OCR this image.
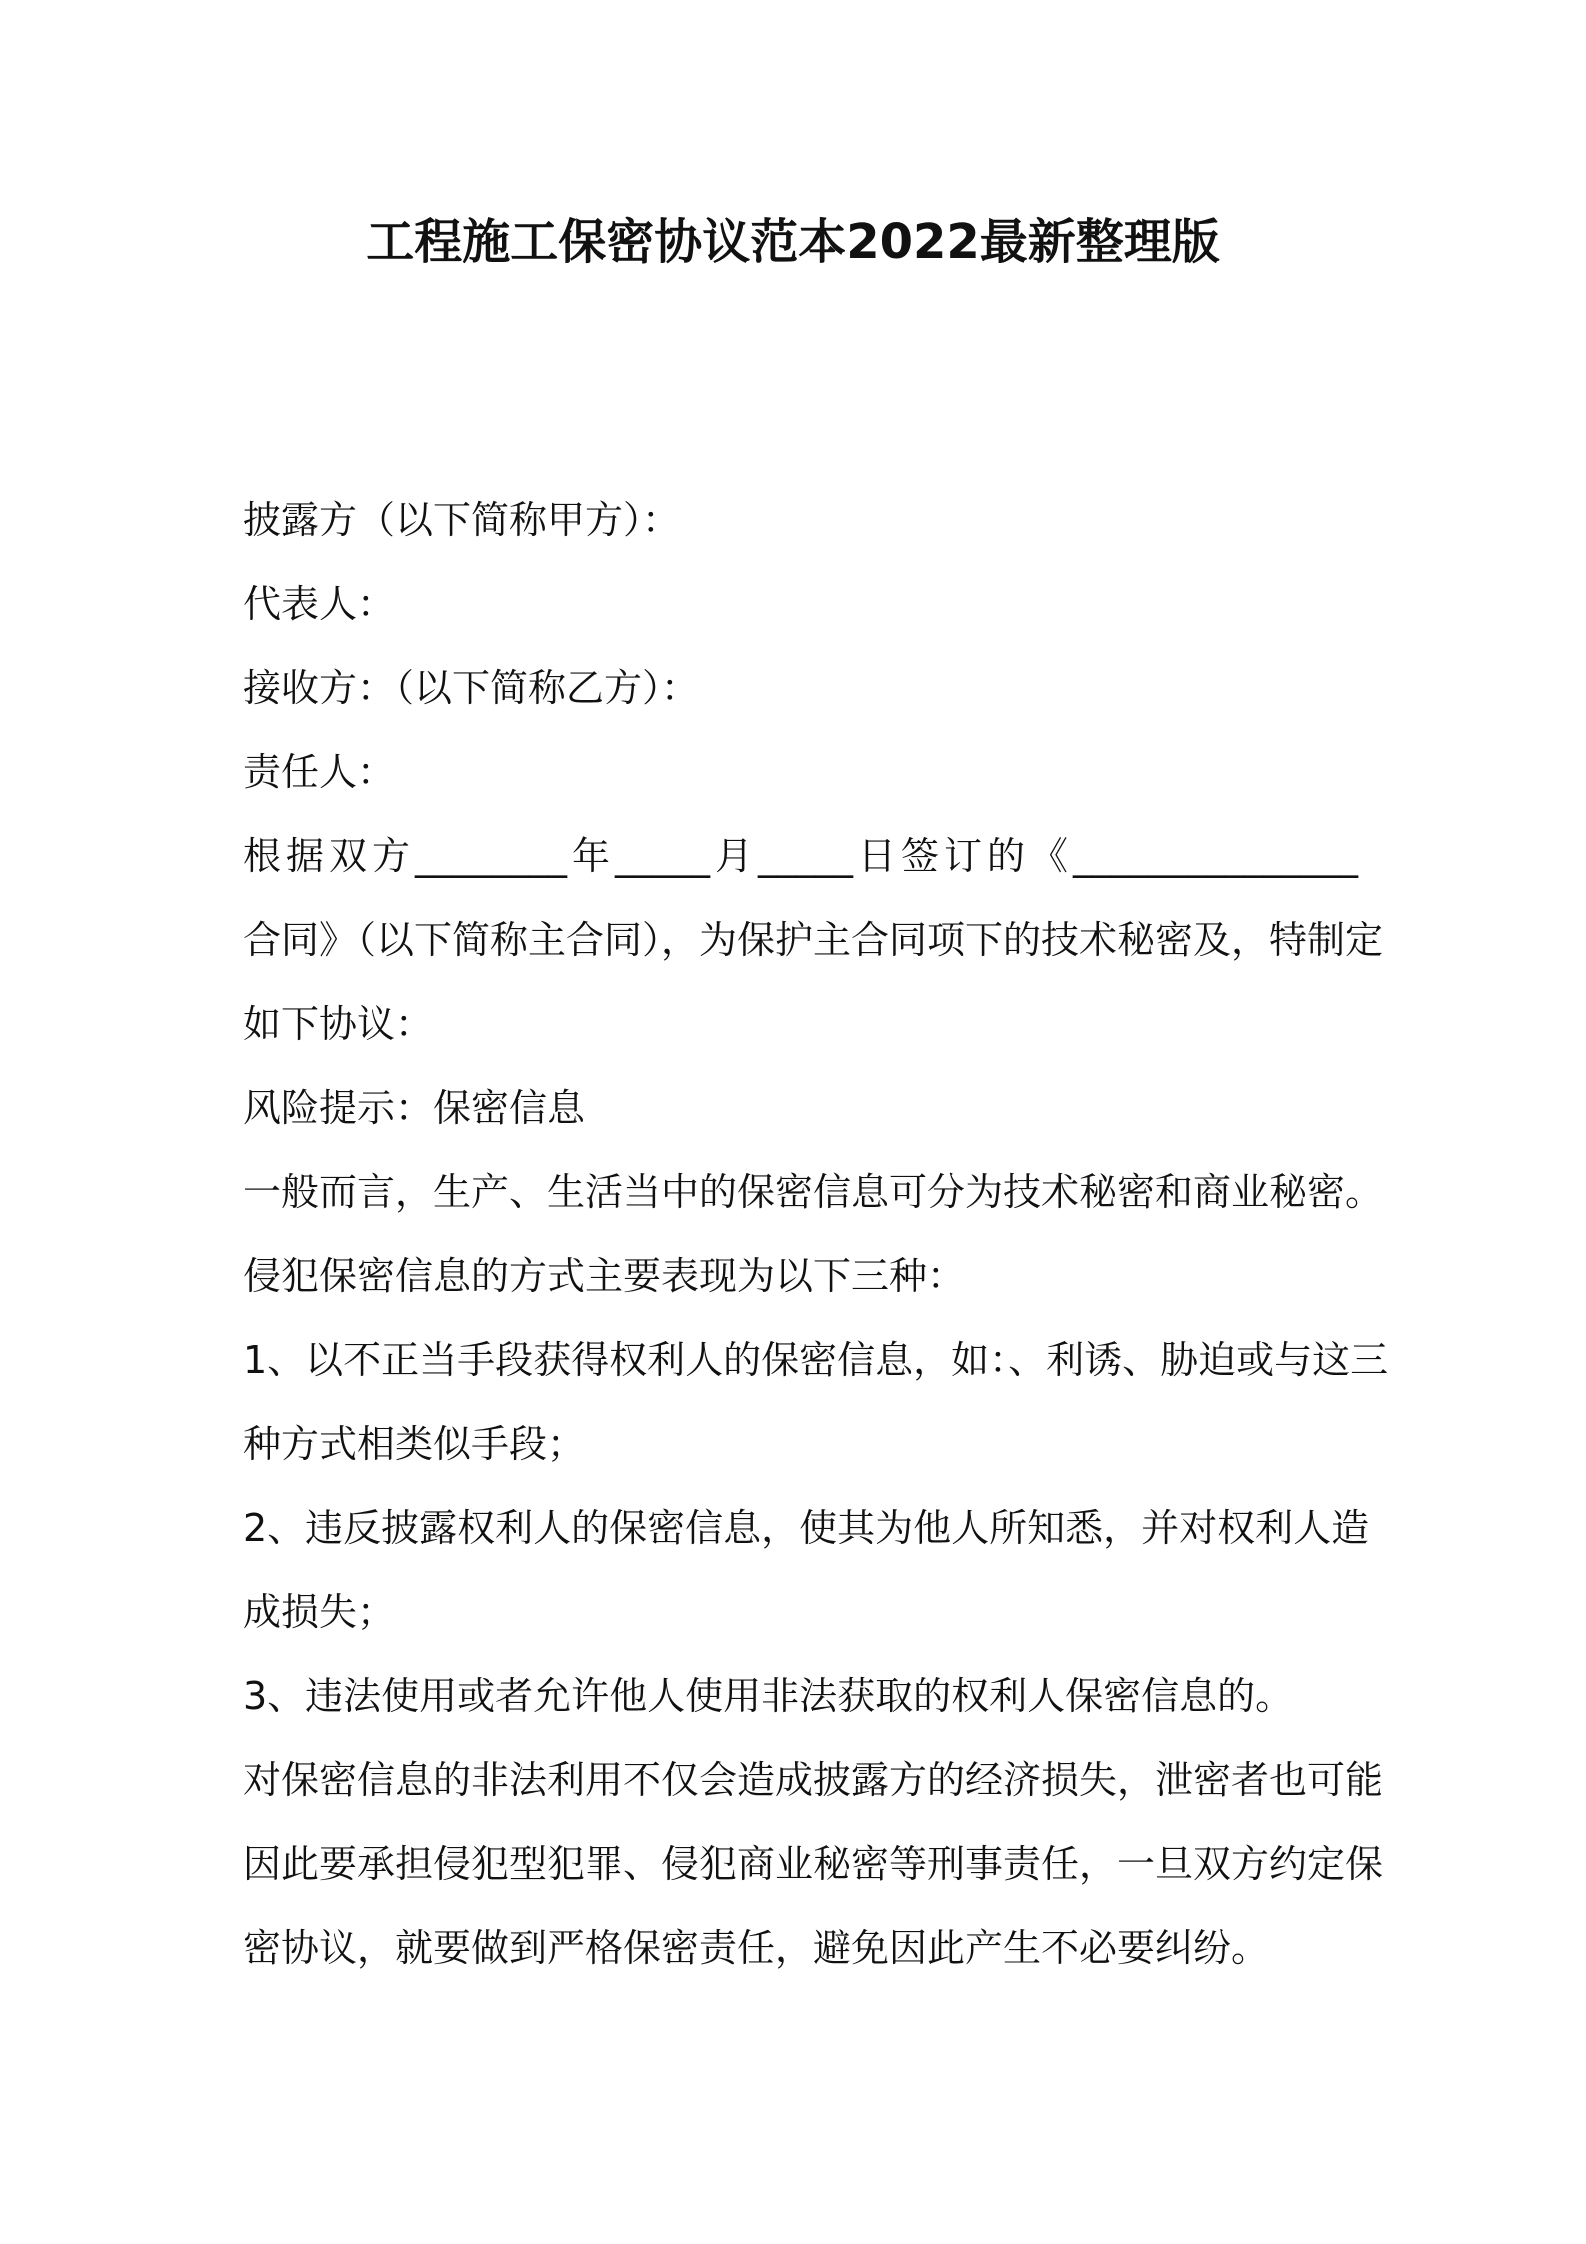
工程施工保密协议范本2022最新整理版

披露方（以下简称甲方）：

代表人：

接收方：（以下简称乙方）：

责任人：

根据双方________年_____月_____日签订的《_______________

合同》（以下简称主合同），为保护主合同项下的技术秘密及，特制定

如下协议：

风险提示：保密信息

一般而言，生产、生活当中的保密信息可分为技术秘密和商业秘密。

侵犯保密信息的方式主要表现为以下三种：

1、以不正当手段获得权利人的保密信息，如：、利诱、胁迫或与这三

种方式相类似手段；

2、违反披露权利人的保密信息，使其为他人所知悉，并对权利人造

成损失；

3、违法使用或者允许他人使用非法获取的权利人保密信息的。

对保密信息的非法利用不仅会造成披露方的经济损失，泄密者也可能

因此要承担侵犯型犯罪、侵犯商业秘密等刑事责任，一旦双方约定保

密协议，就要做到严格保密责任，避免因此产生不必要纠纷。
